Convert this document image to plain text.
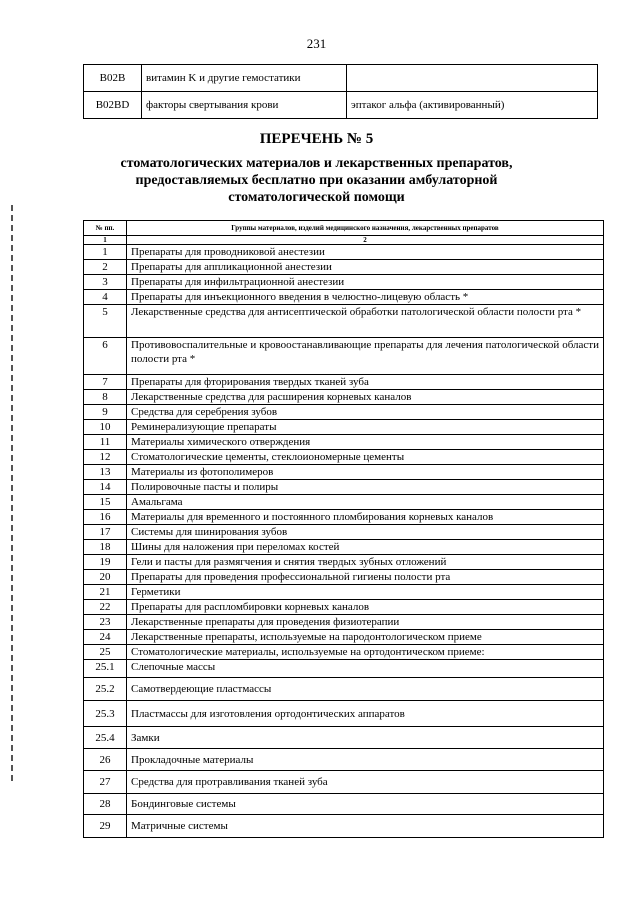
231
B02B	витамин K и другие гемостатики	
B02BD	факторы свертывания крови	эптаког альфа (активированный)
ПЕРЕЧЕНЬ № 5
стоматологических материалов и лекарственных препаратов,
предоставляемых бесплатно при оказании амбулаторной
стоматологической помощи
№ пп.	Группы материалов, изделий медицинского назначения, лекарственных препаратов
1	2
1	Препараты для проводниковой анестезии
2	Препараты для аппликационной анестезии
3	Препараты для инфильтрационной анестезии
4	Препараты для инъекционного введения в челюстно-лицевую область *
5	Лекарственные средства для антисептической обработки патологической области полости рта *
6	Противовоспалительные и кровоостанавливающие препараты для лечения патологической области полости рта *
7	Препараты для фторирования твердых тканей зуба
8	Лекарственные средства для расширения корневых каналов
9	Средства для серебрения зубов
10	Реминерализующие препараты
11	Материалы химического отверждения
12	Стоматологические цементы, стеклоиономерные цементы
13	Материалы из фотополимеров
14	Полировочные пасты и полиры
15	Амальгама
16	Материалы для временного и постоянного пломбирования корневых каналов
17	Системы для шинирования зубов
18	Шины для наложения при переломах костей
19	Гели и пасты для размягчения и снятия твердых зубных отложений
20	Препараты для проведения профессиональной гигиены полости рта
21	Герметики
22	Препараты для распломбировки корневых каналов
23	Лекарственные препараты для проведения физиотерапии
24	Лекарственные препараты, используемые на пародонтологическом приеме
25	Стоматологические материалы, используемые на ортодонтическом приеме:
25.1	Слепочные массы
25.2	Самотвердеющие пластмассы
25.3	Пластмассы для изготовления ортодонтических аппаратов
25.4	Замки
26	Прокладочные материалы
27	Средства для протравливания тканей зуба
28	Бондинговые системы
29	Матричные системы
